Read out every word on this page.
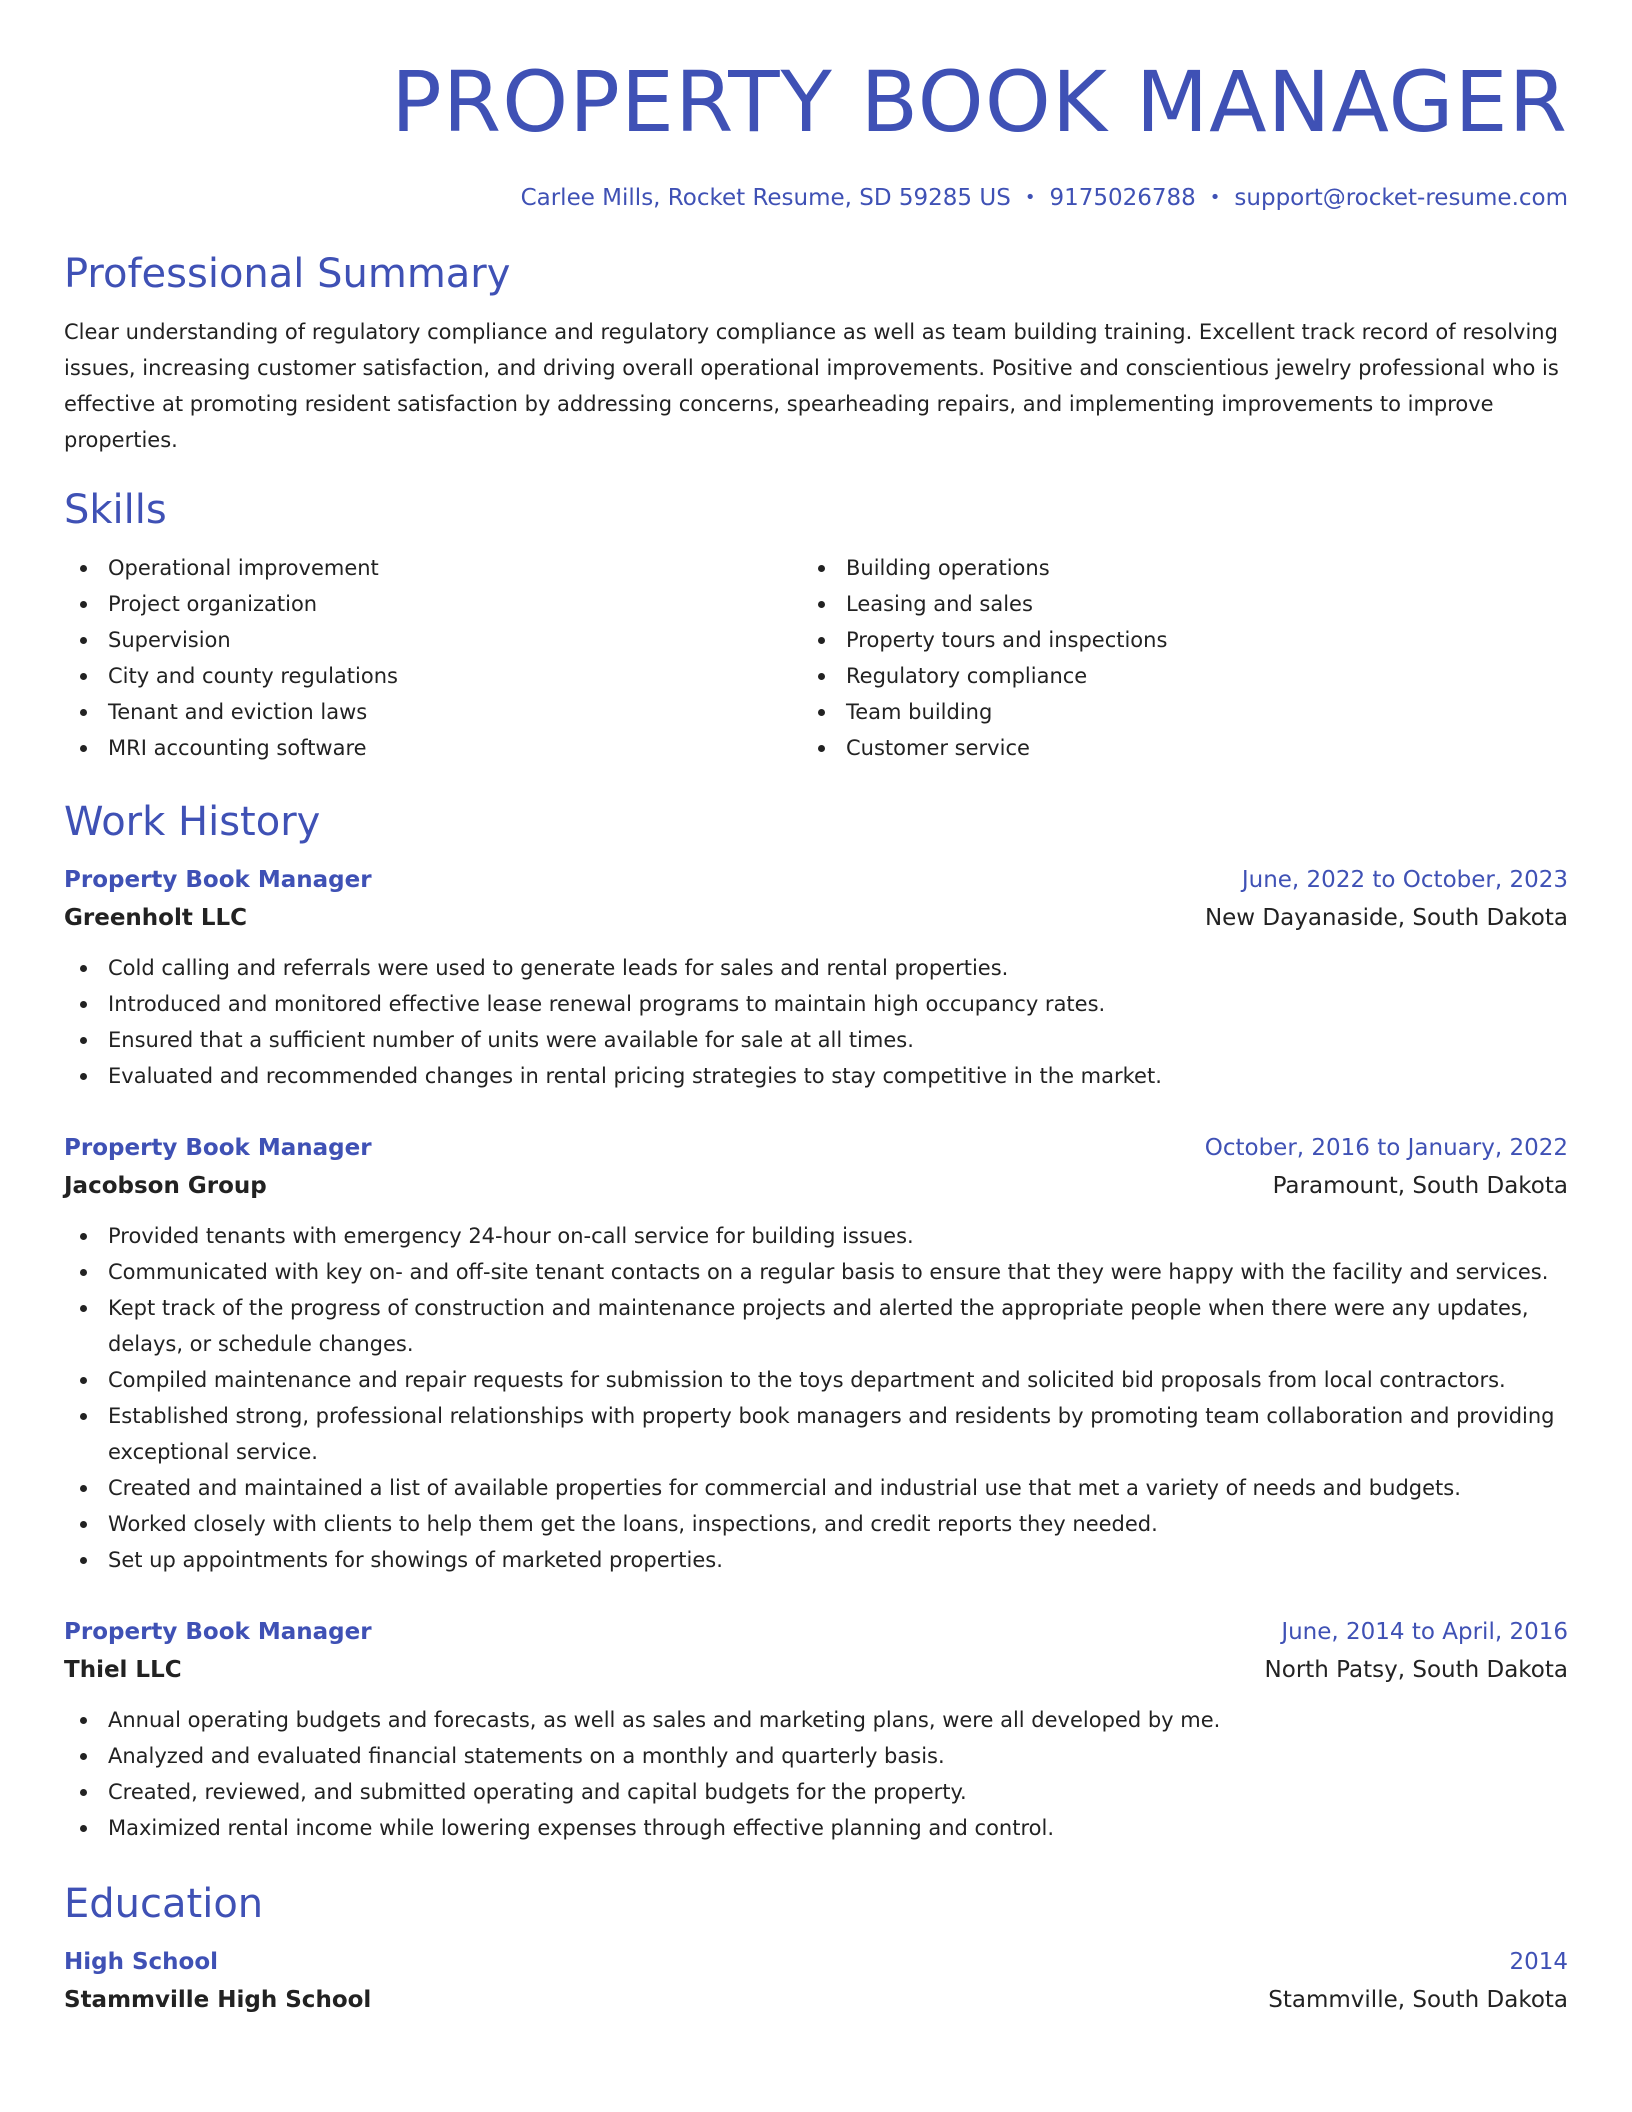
PROPERTY BOOK MANAGER
Carlee Mills, Rocket Resume, SD 59285 US • 9175026788 • support@rocket-resume.com
Professional Summary

Clear understanding of regulatory compliance and regulatory compliance as well as team building training. Excellent track record of resolving issues, increasing customer satisfaction, and driving overall operational improvements. Positive and conscientious jewelry professional who is effective at promoting resident satisfaction by addressing concerns, spearheading repairs, and implementing improvements to improve properties.

Skills
Operational improvement
Project organization
Supervision
City and county regulations
Tenant and eviction laws
MRI accounting software
Building operations
Leasing and sales
Property tours and inspections
Regulatory compliance
Team building
Customer service
Work History
Property Book Manager	June, 2022 to October, 2023
Greenholt LLC	New Dayanaside, South Dakota
Cold calling and referrals were used to generate leads for sales and rental properties.
Introduced and monitored effective lease renewal programs to maintain high occupancy rates.
Ensured that a sufficient number of units were available for sale at all times.
Evaluated and recommended changes in rental pricing strategies to stay competitive in the market.
Property Book Manager	October, 2016 to January, 2022
Jacobson Group	Paramount, South Dakota
Provided tenants with emergency 24-hour on-call service for building issues.
Communicated with key on- and off-site tenant contacts on a regular basis to ensure that they were happy with the facility and services.
Kept track of the progress of construction and maintenance projects and alerted the appropriate people when there were any updates, delays, or schedule changes.
Compiled maintenance and repair requests for submission to the toys department and solicited bid proposals from local contractors.
Established strong, professional relationships with property book managers and residents by promoting team collaboration and providing exceptional service.
Created and maintained a list of available properties for commercial and industrial use that met a variety of needs and budgets.
Worked closely with clients to help them get the loans, inspections, and credit reports they needed.
Set up appointments for showings of marketed properties.
Property Book Manager	June, 2014 to April, 2016
Thiel LLC	North Patsy, South Dakota
Annual operating budgets and forecasts, as well as sales and marketing plans, were all developed by me.
Analyzed and evaluated financial statements on a monthly and quarterly basis.
Created, reviewed, and submitted operating and capital budgets for the property.
Maximized rental income while lowering expenses through effective planning and control.
Education
High School	2014
Stammville High School	Stammville, South Dakota
